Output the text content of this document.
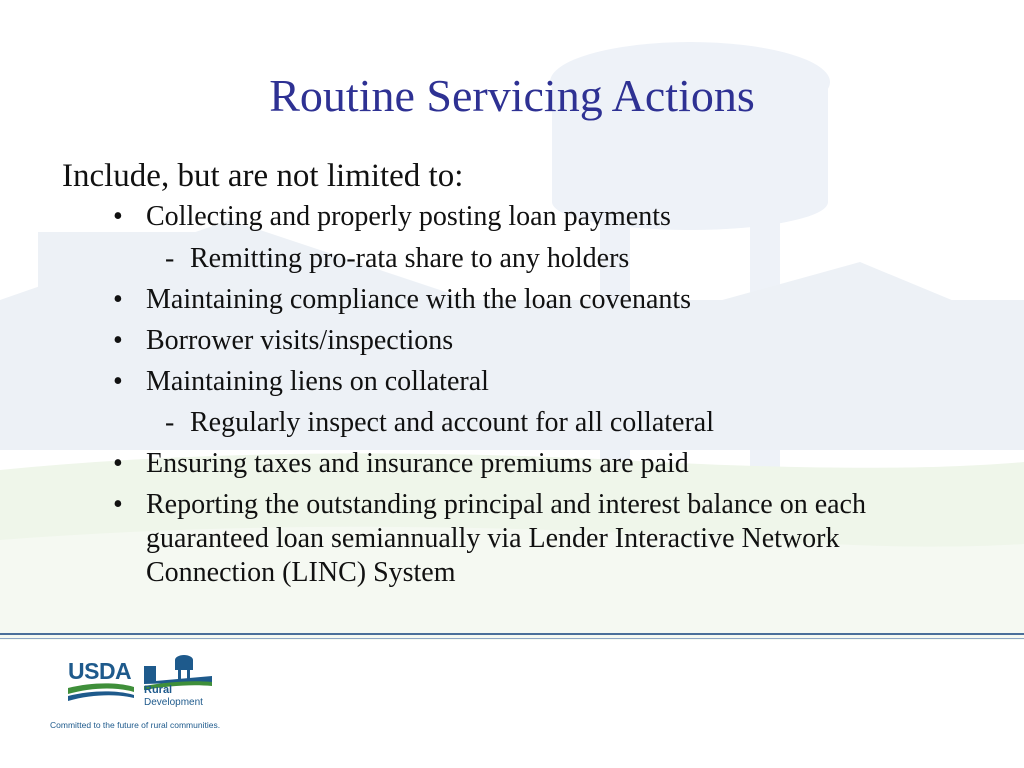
Routine Servicing Actions
Include, but are not limited to:
• Collecting and properly posting loan payments
- Remitting pro-rata share to any holders
• Maintaining compliance with the loan covenants
• Borrower visits/inspections
• Maintaining liens on collateral
- Regularly inspect and account for all collateral
• Ensuring taxes and insurance premiums are paid
• Reporting the outstanding principal and interest balance on each guaranteed loan semiannually via Lender Interactive Network Connection (LINC) System
USDA
Rural
Development
Committed to the future of rural communities.
